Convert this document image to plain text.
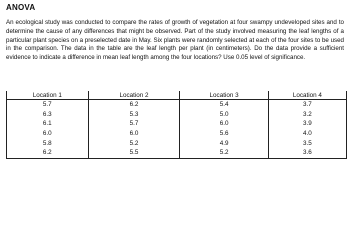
ANOVA
An ecological study was conducted to compare the rates of growth of vegetation at four swampy undeveloped sites and to determine the cause of any differences that might be observed. Part of the study involved measuring the leaf lengths of a particular plant species on a preselected date in May. Six plants were randomly selected at each of the four sites to be used in the comparison. The data in the table are the leaf length per plant (in centimeters). Do the data provide a sufficient evidence to indicate a difference in mean leaf length among the four locations? Use 0.05 level of significance.
Location 1	Location 2	Location 3	Location 4
5.7	6.2	5.4	3.7
6.3	5.3	5.0	3.2
6.1	5.7	6.0	3.9
6.0	6.0	5.6	4.0
5.8	5.2	4.9	3.5
6.2	5.5	5.2	3.6
